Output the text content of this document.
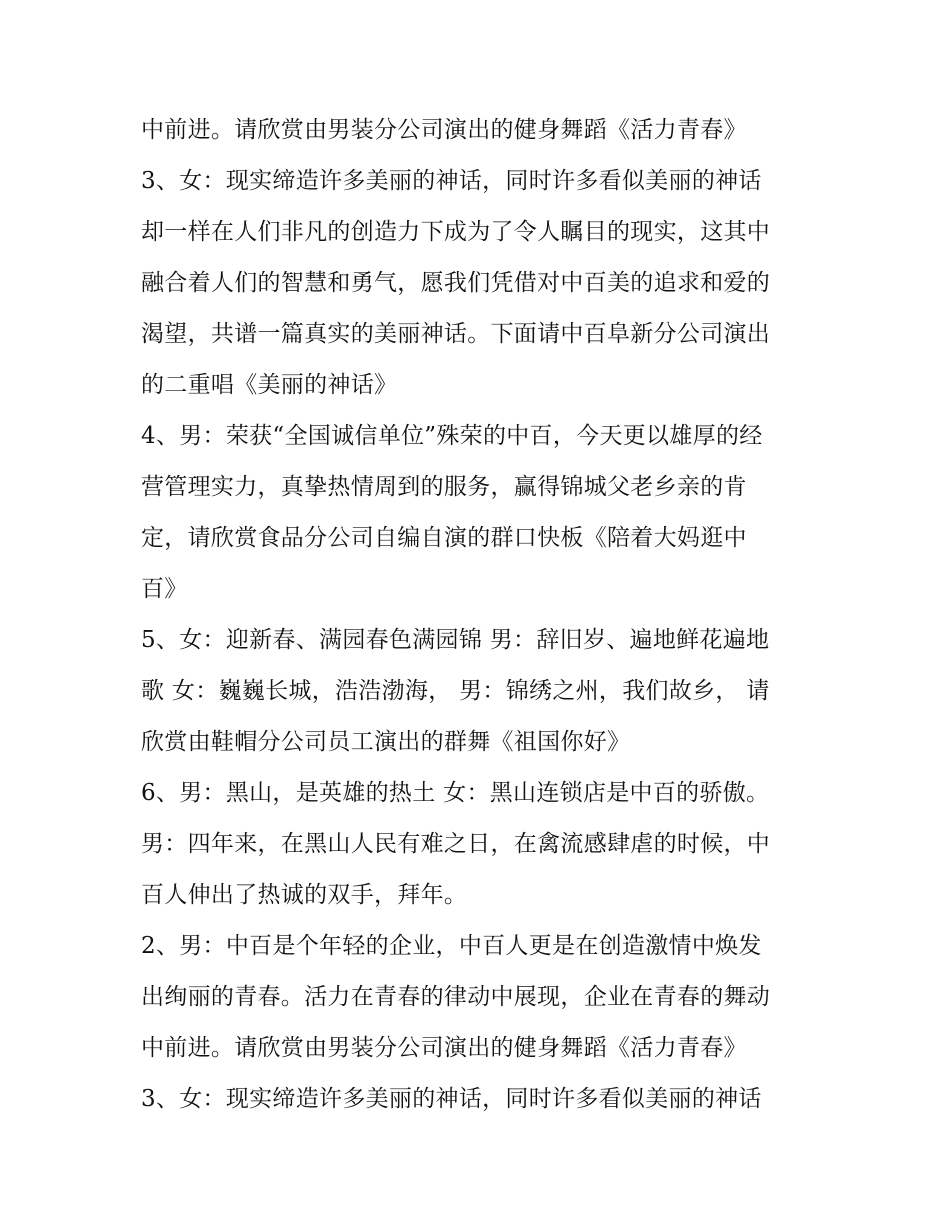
中前进。请欣赏由男装分公司演出的健身舞蹈《活力青春》
3、女：现实缔造许多美丽的神话，同时许多看似美丽的神话
却一样在人们非凡的创造力下成为了令人瞩目的现实，这其中
融合着人们的智慧和勇气，愿我们凭借对中百美的追求和爱的
渴望，共谱一篇真实的美丽神话。下面请中百阜新分公司演出
的二重唱《美丽的神话》
4、男：荣获“全国诚信单位”殊荣的中百，今天更以雄厚的经
营管理实力，真挚热情周到的服务，赢得锦城父老乡亲的肯
定，请欣赏食品分公司自编自演的群口快板《陪着大妈逛中
百》
5、女：迎新春、满园春色满园锦 男：辞旧岁、遍地鲜花遍地
歌 女：巍巍长城，浩浩渤海， 男：锦绣之州，我们故乡， 请
欣赏由鞋帽分公司员工演出的群舞《祖国你好》
6、男：黑山，是英雄的热土 女：黑山连锁店是中百的骄傲。
男：四年来，在黑山人民有难之日，在禽流感肆虐的时候，中
百人伸出了热诚的双手，拜年。
2、男：中百是个年轻的企业，中百人更是在创造激情中焕发
出绚丽的青春。活力在青春的律动中展现，企业在青春的舞动
中前进。请欣赏由男装分公司演出的健身舞蹈《活力青春》
3、女：现实缔造许多美丽的神话，同时许多看似美丽的神话
